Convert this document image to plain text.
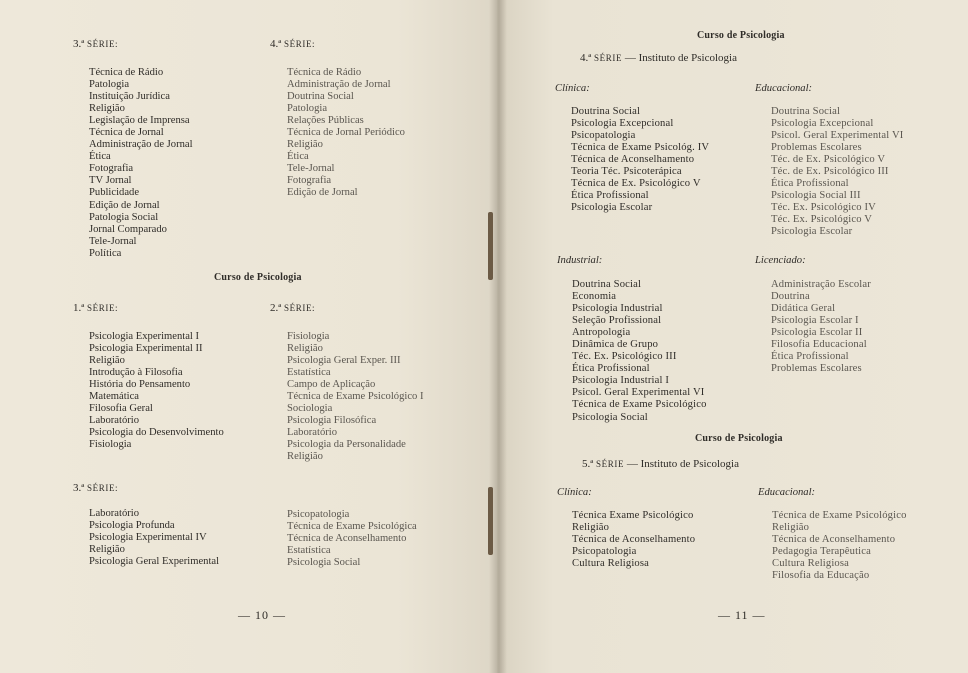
3.ª SÉRIE:
Técnica de Rádio
Patologia
Instituição Jurídica
Religião
Legislação de Imprensa
Técnica de Jornal
Administração de Jornal
Ética
Fotografia
TV Jornal
Publicidade
Edição de Jornal
Patologia Social
Jornal Comparado
Tele-Jornal
Política
4.ª SÉRIE:
Técnica de Rádio
Administração de Jornal
Doutrina Social
Patologia
Relações Públicas
Técnica de Jornal Periódico
Religião
Ética
Tele-Jornal
Fotografia
Edição de Jornal
Curso de Psicologia
1.ª SÉRIE:
Psicologia Experimental I
Psicologia Experimental II
Religião
Introdução à Filosofia
História do Pensamento
Matemática
Filosofia Geral
Laboratório
Psicologia do Desenvolvimento
Fisiologia
2.ª SÉRIE:
Fisiologia
Religião
Psicologia Geral Exper. III
Estatística
Campo de Aplicação
Técnica de Exame Psicológico I
Sociologia
Psicologia Filosófica
Laboratório
Psicologia da Personalidade
Religião
3.ª SÉRIE:
Laboratório
Psicologia Profunda
Psicologia Experimental IV
Religião
Psicologia Geral Experimental
Psicopatologia
Técnica de Exame Psicológica
Técnica de Aconselhamento
Estatística
Psicologia Social
— 10 —
Curso de Psicologia
4.ª SÉRIE — Instituto de Psicologia
Clínica:
Doutrina Social
Psicologia Excepcional
Psicopatologia
Técnica de Exame Psicológ. IV
Técnica de Aconselhamento
Teoria Téc. Psicoterápica
Técnica de Ex. Psicológico V
Ética Profissional
Psicologia Escolar
Educacional:
Doutrina Social
Psicologia Excepcional
Psicol. Geral Experimental VI
Problemas Escolares
Téc. de Ex. Psicológico V
Téc. de Ex. Psicológico III
Ética Profissional
Psicologia Social III
Téc. Ex. Psicológico IV
Téc. Ex. Psicológico V
Psicologia Escolar
Industrial:
Doutrina Social
Economia
Psicologia Industrial
Seleção Profissional
Antropologia
Dinâmica de Grupo
Téc. Ex. Psicológico III
Ética Profissional
Psicologia Industrial I
Psicol. Geral Experimental VI
Técnica de Exame Psicológico
Psicologia Social
Licenciado:
Administração Escolar
Doutrina
Didática Geral
Psicologia Escolar I
Psicologia Escolar II
Filosofia Educacional
Ética Profissional
Problemas Escolares
Curso de Psicologia
5.ª SÉRIE — Instituto de Psicologia
Clínica:
Técnica Exame Psicológico
Religião
Técnica de Aconselhamento
Psicopatologia
Cultura Religiosa
Educacional:
Técnica de Exame Psicológico
Religião
Técnica de Aconselhamento
Pedagogia Terapêutica
Cultura Religiosa
Filosofia da Educação
— 11 —
